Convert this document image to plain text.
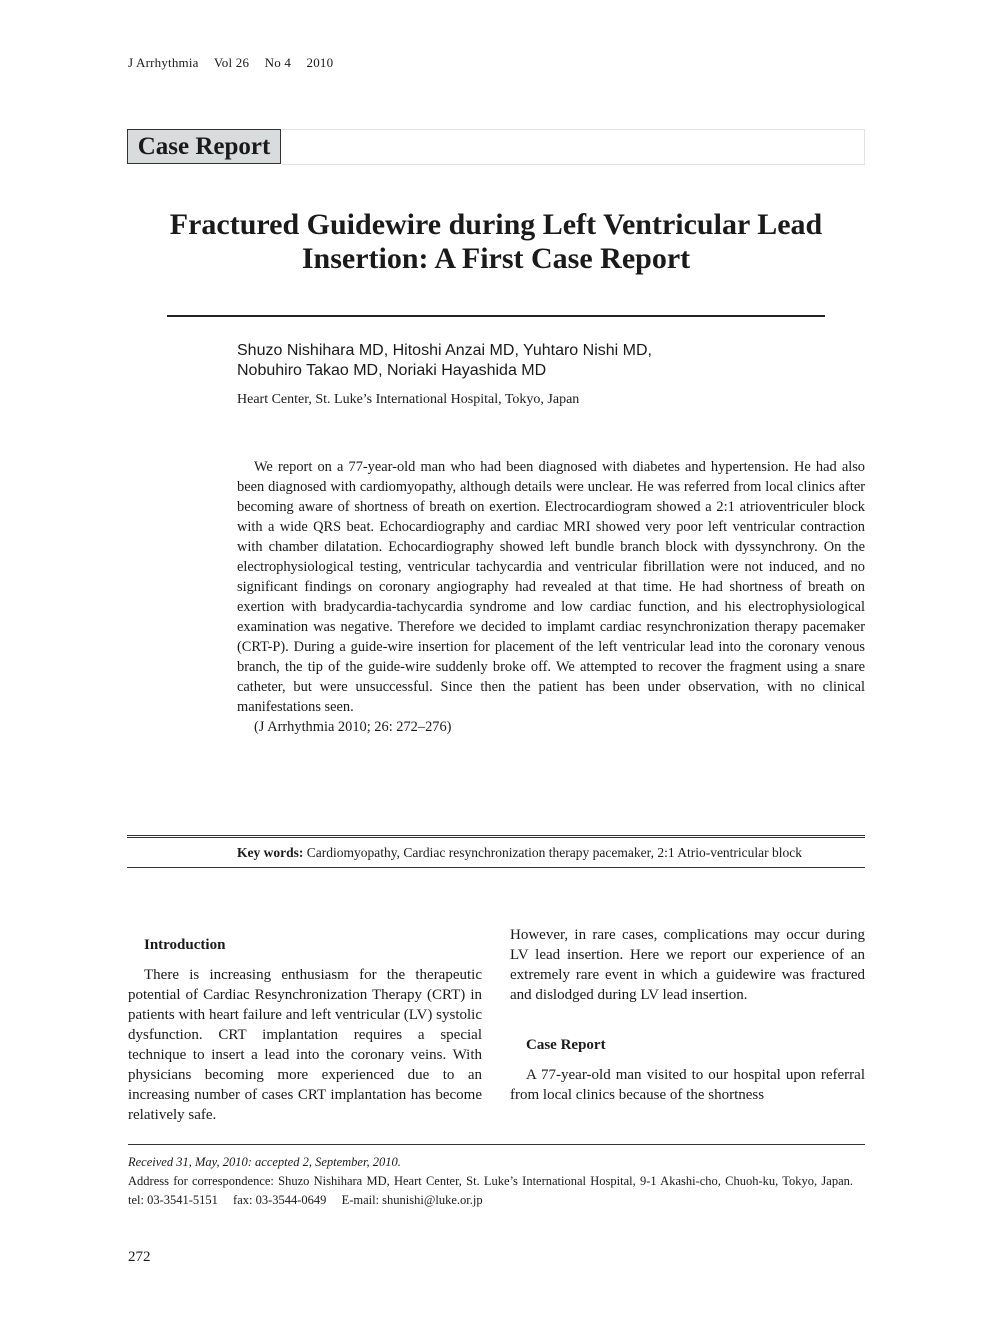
J Arrhythmia Vol 26 No 4 2010
Case Report
Fractured Guidewire during Left Ventricular Lead Insertion: A First Case Report
Shuzo Nishihara MD, Hitoshi Anzai MD, Yuhtaro Nishi MD,
Nobuhiro Takao MD, Noriaki Hayashida MD
Heart Center, St. Luke’s International Hospital, Tokyo, Japan

We report on a 77-year-old man who had been diagnosed with diabetes and hypertension. He had also been diagnosed with cardiomyopathy, although details were unclear. He was referred from local clinics after becoming aware of shortness of breath on exertion. Electrocardiogram showed a 2:1 atrioventriculer block with a wide QRS beat. Echocardiography and cardiac MRI showed very poor left ventricular contraction with chamber dilatation. Echocardiography showed left bundle branch block with dyssynchrony. On the electrophysiological testing, ventricular tachycardia and ventricular fibrillation were not induced, and no significant findings on coronary angiography had revealed at that time. He had shortness of breath on exertion with bradycardia-tachycardia syndrome and low cardiac function, and his electrophysiological examination was negative. Therefore we decided to implamt cardiac resynchronization therapy pacemaker (CRT-P). During a guide-wire insertion for placement of the left ventricular lead into the coronary venous branch, the tip of the guide-wire suddenly broke off. We attempted to recover the fragment using a snare catheter, but were unsuccessful. Since then the patient has been under observation, with no clinical manifestations seen.

(J Arrhythmia 2010; 26: 272–276)

Key words: Cardiomyopathy, Cardiac resynchronization therapy pacemaker, 2:1 Atrio-ventricular block
Introduction

There is increasing enthusiasm for the therapeutic potential of Cardiac Resynchronization Therapy (CRT) in patients with heart failure and left ventricular (LV) systolic dysfunction. CRT implantation requires a special technique to insert a lead into the coronary veins. With physicians becoming more experienced due to an increasing number of cases CRT implantation has become relatively safe.

However, in rare cases, complications may occur during LV lead insertion. Here we report our experience of an extremely rare event in which a guidewire was fractured and dislodged during LV lead insertion.

Case Report

A 77-year-old man visited to our hospital upon referral from local clinics because of the shortness

Received 31, May, 2010: accepted 2, September, 2010.
Address for correspondence: Shuzo Nishihara MD, Heart Center, St. Luke’s International Hospital, 9-1 Akashi-cho, Chuoh-ku, Tokyo, Japan. tel: 03-3541-5151 fax: 03-3544-0649 E-mail: shunishi@luke.or.jp
272
